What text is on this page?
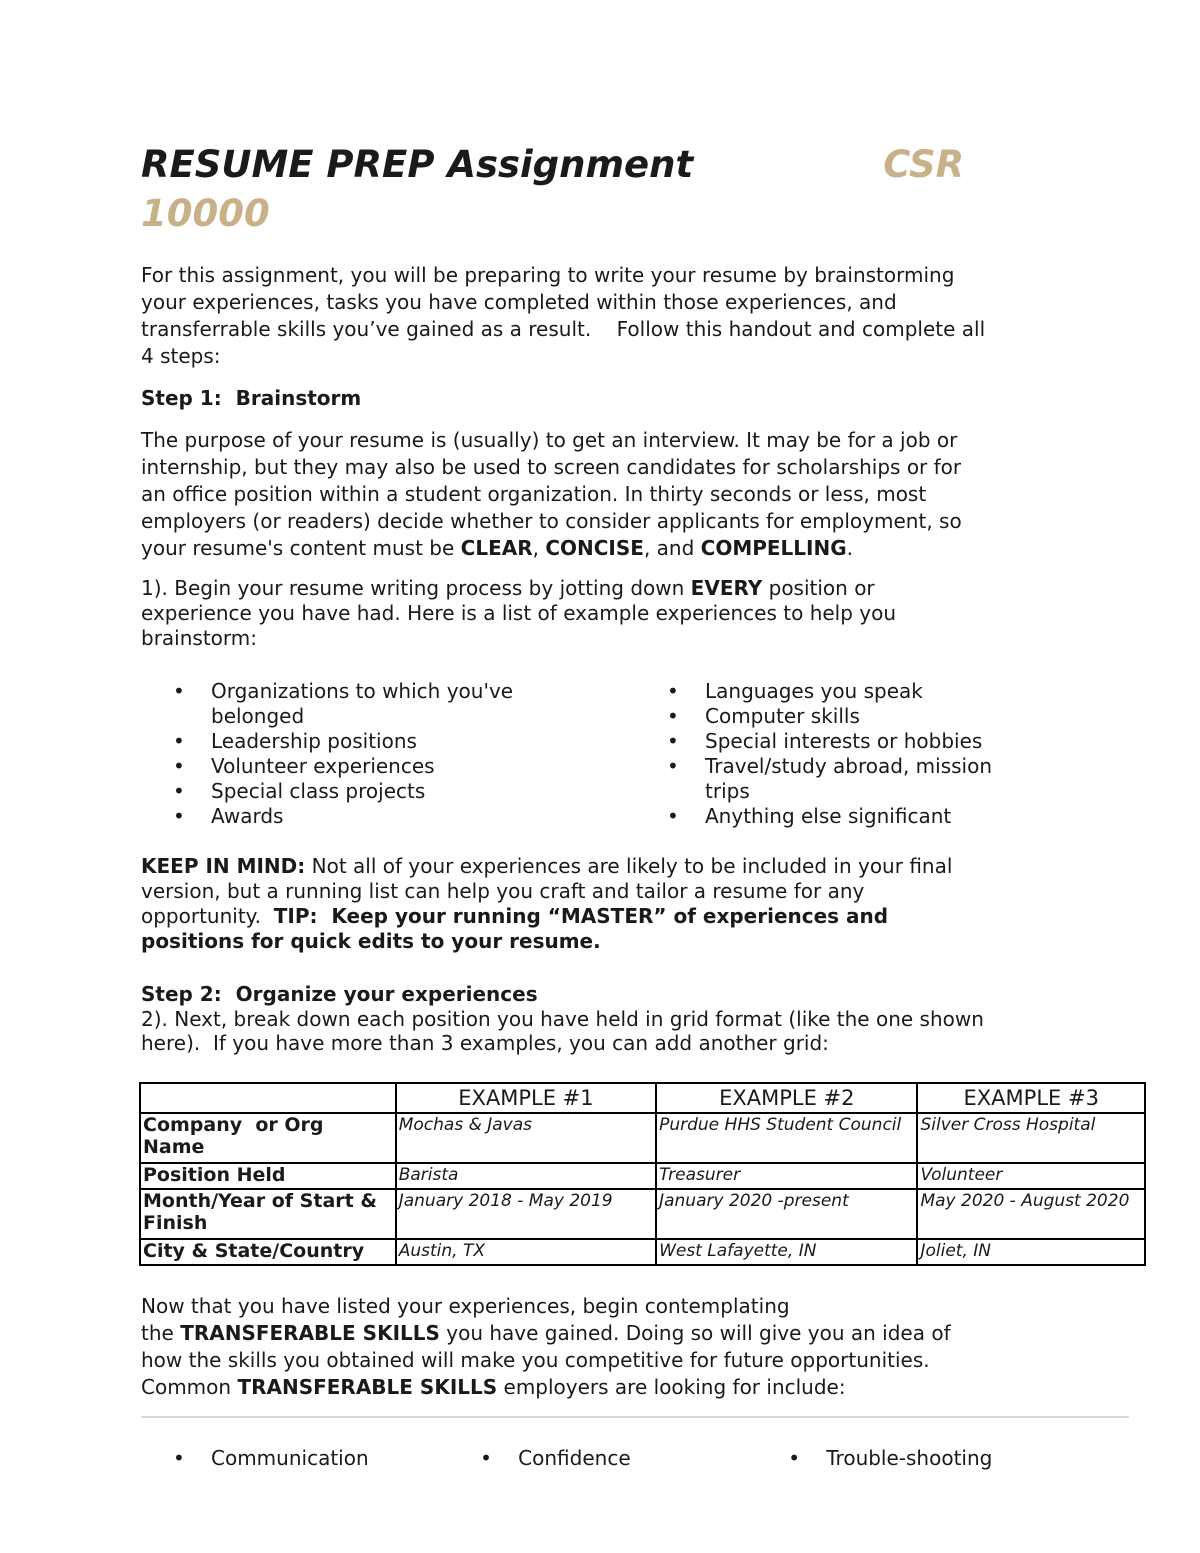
RESUME PREP Assignment	CSR
10000

For this assignment, you will be preparing to write your resume by brainstorming
your experiences, tasks you have completed within those experiences, and
transferrable skills you’ve gained as a result.    Follow this handout and complete all
4 steps:

Step 1:  Brainstorm

The purpose of your resume is (usually) to get an interview. It may be for a job or
internship, but they may also be used to screen candidates for scholarships or for
an office position within a student organization. In thirty seconds or less, most
employers (or readers) decide whether to consider applicants for employment, so
your resume's content must be CLEAR, CONCISE, and COMPELLING.

1). Begin your resume writing process by jotting down EVERY position or
experience you have had. Here is a list of example experiences to help you
brainstorm:

• Organizations to which you've
belonged
• Leadership positions
• Volunteer experiences
• Special class projects
• Awards
• Languages you speak
• Computer skills
• Special interests or hobbies
• Travel/study abroad, mission
trips
• Anything else significant

KEEP IN MIND: Not all of your experiences are likely to be included in your final
version, but a running list can help you craft and tailor a resume for any
opportunity.  TIP:  Keep your running “MASTER” of experiences and
positions for quick edits to your resume.

Step 2:  Organize your experiences

2). Next, break down each position you have held in grid format (like the one shown
here).  If you have more than 3 examples, you can add another grid:

	EXAMPLE #1	EXAMPLE #2	EXAMPLE #3
Company  or Org
Name	Mochas & Javas	Purdue HHS Student Council	Silver Cross Hospital
Position Held	Barista	Treasurer	Volunteer
Month/Year of Start &
Finish	January 2018 - May 2019	January 2020 -present	May 2020 - August 2020
City & State/Country	Austin, TX	West Lafayette, IN	Joliet, IN

Now that you have listed your experiences, begin contemplating
the TRANSFERABLE SKILLS you have gained. Doing so will give you an idea of
how the skills you obtained will make you competitive for future opportunities.
Common TRANSFERABLE SKILLS employers are looking for include:

• Communication	• Confidence	• Trouble-shooting
